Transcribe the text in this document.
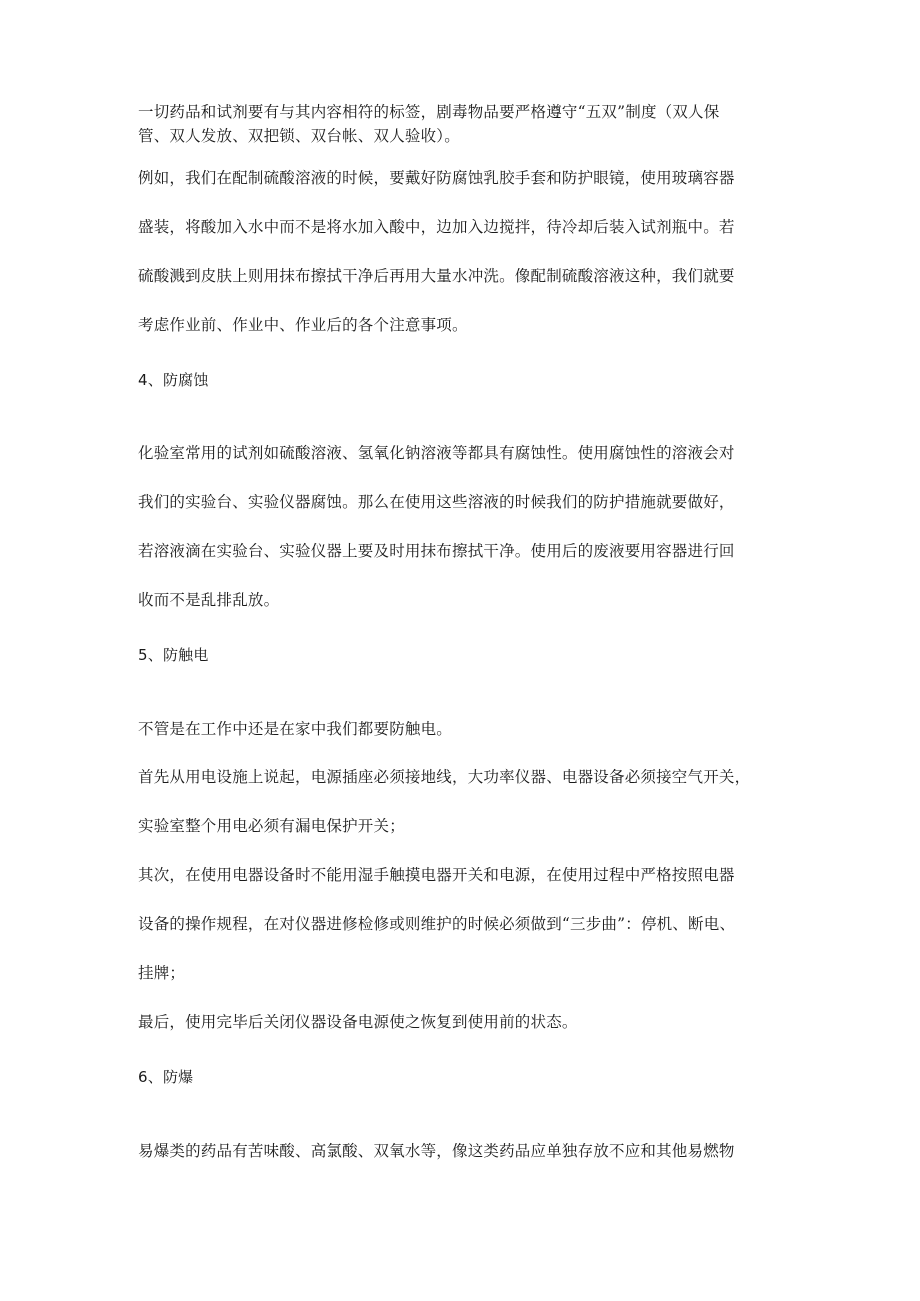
一切药品和试剂要有与其内容相符的标签，剧毒物品要严格遵守“五双”制度（双人保
管、双人发放、双把锁、双台帐、双人验收）。
例如，我们在配制硫酸溶液的时候，要戴好防腐蚀乳胶手套和防护眼镜，使用玻璃容器
盛装，将酸加入水中而不是将水加入酸中，边加入边搅拌，待冷却后装入试剂瓶中。若
硫酸溅到皮肤上则用抹布擦拭干净后再用大量水冲洗。像配制硫酸溶液这种，我们就要
考虑作业前、作业中、作业后的各个注意事项。
4、防腐蚀
化验室常用的试剂如硫酸溶液、氢氧化钠溶液等都具有腐蚀性。使用腐蚀性的溶液会对
我们的实验台、实验仪器腐蚀。那么在使用这些溶液的时候我们的防护措施就要做好，
若溶液滴在实验台、实验仪器上要及时用抹布擦拭干净。使用后的废液要用容器进行回
收而不是乱排乱放。
5、防触电
不管是在工作中还是在家中我们都要防触电。
首先从用电设施上说起，电源插座必须接地线，大功率仪器、电器设备必须接空气开关，
实验室整个用电必须有漏电保护开关；
其次，在使用电器设备时不能用湿手触摸电器开关和电源，在使用过程中严格按照电器
设备的操作规程，在对仪器进修检修或则维护的时候必须做到“三步曲”：停机、断电、
挂牌；
最后，使用完毕后关闭仪器设备电源使之恢复到使用前的状态。
6、防爆
易爆类的药品有苦味酸、高氯酸、双氧水等，像这类药品应单独存放不应和其他易燃物
